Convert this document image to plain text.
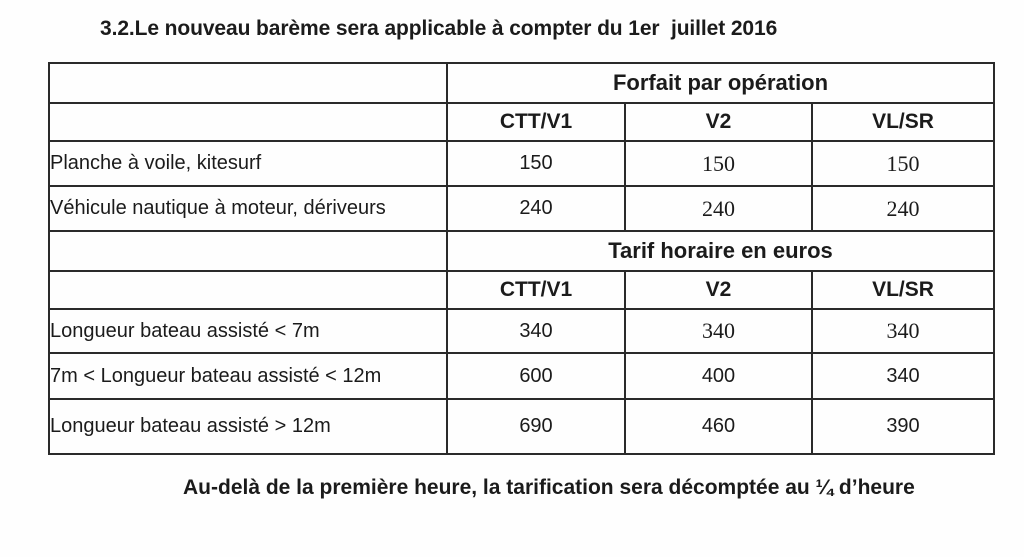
3.2.Le nouveau barème sera applicable à compter du 1er  juillet 2016
	Forfait par opération		
	CTT/V1	V2	VL/SR
Planche à voile, kitesurf	150	150	150
Véhicule nautique à moteur, dériveurs	240	240	240
	Tarif horaire en euros		
	CTT/V1	V2	VL/SR
Longueur bateau assisté < 7m	340	340	340
7m < Longueur bateau assisté < 12m	600	400	340
Longueur bateau assisté > 12m	690	460	390
Au-delà de la première heure, la tarification sera décomptée au ¼ d’heure
